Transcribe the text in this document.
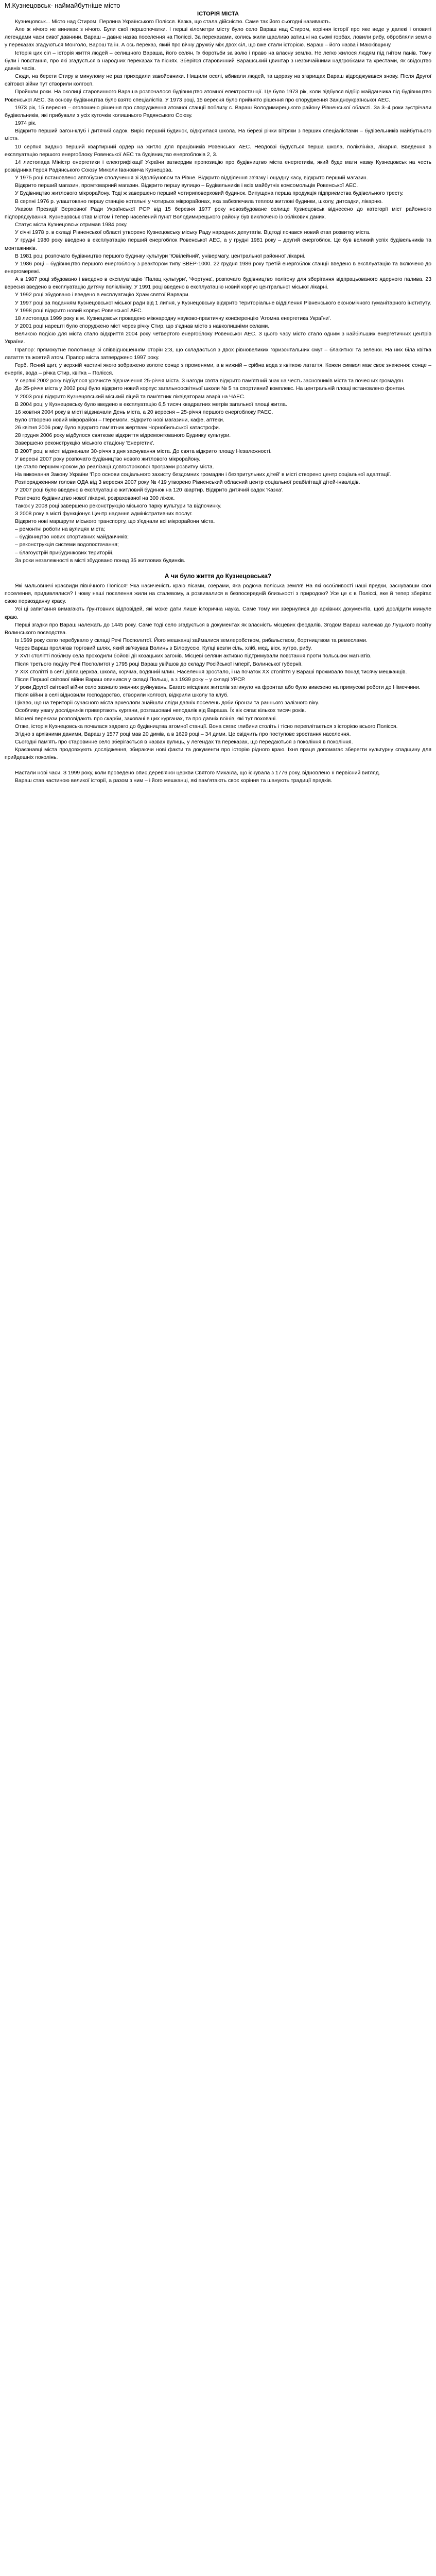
М.Кузнецовськ- наймайбутніше місто
ІСТОРІЯ МІСТА

Кузнецовськ... Місто над Стиром. Перлина Українського Полісся. Казка, що стала дійсністю. Саме так його сьогодні називають.

Але ж нічого не виникає з нічого. Були свої першопочатки. І перші кілометри місту було село Вараш над Стиром, коріння історії про яке веде у далекі і оповиті легендами часи сивої давнини. Вараш – давнє назва поселення на Поліссі. За переказами, колись жили щасливо затишні на сьомі горбах, ловили рибу, обробляли землю у переказах згадуються Монголо, Варош та ін. А ось переказ, який про вічну дружбу між двох сіл, що вже стали історією. Вараш – його назва і Маюківщину.

Історія цих сіл – історія життя людей – селищного Вараша, його селян, їх боротьби за волю і право на власну землю. Не легко жилося людям під гнітом панів. Тому були і повстання, про які згадується в народних переказах та піснях. Зберігся старовинний Варашський цвинтар з незвичайними надгробками та хрестами, як свідоцтво давніх часів.

Сюди, на береги Стиру в минулому не раз приходили завойовники. Нищили оселі, вбивали людей, та щоразу на згарищах Вараш відроджувався знову. Після Другої світової війни тут створили колгосп.

Пройшли роки. На околиці старовинного Вараша розпочалося будівництво атомної електростанції. Це було 1973 рік, коли відбувся відбір майданчика під будівництво Ровенської АЕС. За основу будівництва було взято спеціалістів. У 1973 році, 15 вересня було прийнято рішення про спорудження Західноукраїнської АЕС.

1973 рік, 15 вересня – оголошено рішення про спорудження атомної станції поблизу с. Вараш Володимирецького району Рівненської області. За 3–4 роки зустрічали будівельників, які прибували з усіх куточків колишнього Радянського Союзу.

1974 рік.

Відкрито перший вагон-клуб і дитячий садок. Виріс перший будинок, відкрилася школа. На березі річки вітряки з перших спеціалістами – будівельників майбутнього міста.

10 серпня видано перший квартирний ордер на житло для працівників Ровенської АЕС. Невдовзі будується перша школа, поліклініка, лікарня. Введення в експлуатацію першого енергоблоку Ровенської АЕС та будівництво енергоблоків 2, 3.

14 листопада Міністр енергетики і електрифікації України затвердив пропозицію про будівництво міста енергетиків, який буде мати назву Кузнецовськ на честь розвідника Героя Радянського Союзу Миколи Івановича Кузнецова.

У 1975 році встановлено автобусне сполучення зі Здолбуновом та Рівне. Відкрито відділення зв'язку і ощадну касу, відкрито перший магазин.

Відкрито перший магазин, промтоварний магазин. Відкрито першу вулицю – Будівельників і всіх майбутніх комсомольців Ровенської АЕС.

У Будівництво житлового мікрорайону. Тоді ж завершено перший чотириповерховий будинок. Випущена перша продукція підприємства будівельного тресту.

В серпні 1976 р. улаштовано першу станцію котельні у чотирьох мікрорайонах, яка забезпечила теплом житлові будинки, школу, дитсадки, лікарню.

Указом Президії Верховної Ради Української РСР від 15 березня 1977 року новозбудоване селище Кузнецовськ віднесено до категорії міст районного підпорядкування. Кузнецовськ став містом і тепер населений пункт Володимирецького району був виключено із облікових даних.

Статус міста Кузнецовськ отримав 1984 року.

У січні 1978 р. в складі Рівненської області утворено Кузнецовську міську Раду народних депутатів. Відтоді почався новий етап розвитку міста.

У грудні 1980 року введено в експлуатацію перший енергоблок Ровенської АЕС, а у грудні 1981 року – другий енергоблок. Це був великий успіх будівельників та монтажників.

В 1981 році розпочато будівництво першого будинку культури 'Ювілейний', універмагу, центральної районної лікарні.

У 1986 році – будівництво першого енергоблоку з реактором типу ВВЕР-1000. 22 грудня 1986 року третій енергоблок станції введено в експлуатацію та включено до енергомережі.

А в 1987 році збудовано і введено в експлуатацію 'Палац культури', 'Фортуна', розпочато будівництво полігону для зберігання відпрацьованого ядерного палива. 23 вересня введено в експлуатацію дитячу поліклініку. У 1991 році введено в експлуатацію новий корпус центральної міської лікарні.

У 1992 році збудовано і введено в експлуатацію Храм святої Варвари.

У 1997 році за поданням Кузнецовської міської ради від 1 липня, у Кузнецовську відкрито територіальне відділення Рівненського економічного гуманітарного інституту.

У 1998 році відкрито новий корпус Ровенської АЕС.

18 листопада 1999 року в м. Кузнецовськ проведено міжнародну науково-практичну конференцію 'Атомна енергетика України'.

У 2001 році нарешті було споруджено міст через річку Стир, що з'єднав місто з навколишніми селами.

Великою подією для міста стало відкриття 2004 року четвертого енергоблоку Ровенської АЕС. З цього часу місто стало одним з найбільших енергетичних центрів України.

Прапор: прямокутне полотнище зі співвідношенням сторін 2:3, що складається з двох рівновеликих горизонтальних смуг – блакитної та зеленої. На них біла квітка латаття та жовтий атом. Прапор міста затверджено 1997 року.

Герб. Ясний щит, у верхній частині якого зображено золоте сонце з променями, а в нижній – срібна вода з квіткою латаття. Кожен символ має своє значення: сонце – енергія, вода – річка Стир, квітка – Полісся.

У серпні 2002 року відбулося урочисте відзначення 25-річчя міста. З нагоди свята відкрито пам'ятний знак на честь засновників міста та почесних громадян.

До 25-річчя міста у 2002 році було відкрито новий корпус загальноосвітньої школи № 5 та спортивний комплекс. На центральній площі встановлено фонтан.

У 2003 році відкрито Кузнецовський міський ліцей та пам'ятник ліквідаторам аварії на ЧАЕС.

В 2004 році у Кузнецовську було введено в експлуатацію 6,5 тисяч квадратних метрів загальної площі житла.

16 жовтня 2004 року в місті відзначали День міста, а 20 вересня – 25-річчя першого енергоблоку РАЕС.

Було створено новий мікрорайон – Перемоги. Відкрито нові магазини, кафе, аптеки.

26 квітня 2006 року було відкрито пам'ятник жертвам Чорнобильської катастрофи.

28 грудня 2006 року відбулося святкове відкриття відремонтованого Будинку культури.

Завершено реконструкцію міського стадіону 'Енергетик'.

В 2007 році в місті відзначали 30-річчя з дня заснування міста. До свята відкрито площу Незалежності.

У вересні 2007 року розпочато будівництво нового житлового мікрорайону.

Це стало першим кроком до реалізації довгострокової програми розвитку міста.

На виконання Закону України 'Про основи соціального захисту бездомних громадян і безпритульних дітей' в місті створено центр соціальної адаптації.

Розпорядженням голови ОДА від 3 вересня 2007 року № 419 утворено Рівненський обласний центр соціальної реабілітації дітей-інвалідів.

У 2007 році було введено в експлуатацію житловий будинок на 120 квартир. Відкрито дитячий садок 'Казка'.

Розпочато будівництво нової лікарні, розрахованої на 300 ліжок.

Також у 2008 році завершено реконструкцію міського парку культури та відпочинку.

З 2008 року в місті функціонує Центр надання адміністративних послуг.

Відкрито нові маршрути міського транспорту, що з'єднали всі мікрорайони міста.

– ремонтні роботи на вулицях міста;

– будівництво нових спортивних майданчиків;

– реконструкція системи водопостачання;

– благоустрій прибудинкових територій.

За роки незалежності в місті збудовано понад 35 житлових будинків.

А чи було життя до Кузнецовська?

Які мальовничі краєвиди північного Полісся! Яка насиченість краю лісами, озерами, яка родюча поліська земля! На які особливості наші предки, заснувавши свої поселення, придивлялися? І чому наші поселення жили на сталевому, а розвивалися в безпосередній близькості з природою? Усе це є в Поліссі, яке й тепер зберігає свою первозданну красу.

Усі ці запитання вимагають ґрунтовних відповідей, які може дати лише історична наука. Саме тому ми звернулися до архівних документів, щоб дослідити минуле краю.

Перші згадки про Вараш належать до 1445 року. Саме тоді село згадується в документах як власність місцевих феодалів. Згодом Вараш належав до Луцького повіту Волинського воєводства.

Із 1569 року село перебувало у складі Речі Посполитої. Його мешканці займалися землеробством, рибальством, бортництвом та ремеслами.

Через Вараш пролягав торговий шлях, який зв'язував Волинь з Білоруссю. Купці везли сіль, хліб, мед, віск, хутро, рибу.

У XVII столітті поблизу села проходили бойові дії козацьких загонів. Місцеві селяни активно підтримували повстання проти польських магнатів.

Після третього поділу Речі Посполитої у 1795 році Вараш увійшов до складу Російської імперії, Волинської губернії.

У XIX столітті в селі діяла церква, школа, корчма, водяний млин. Населення зростало, і на початок XX століття у Варашi проживало понад тисячу мешканців.

Після Першої світової війни Вараш опинився у складі Польщі, а з 1939 року – у складі УРСР.

У роки Другої світової війни село зазнало значних руйнувань. Багато місцевих жителів загинуло на фронтах або було вивезено на примусові роботи до Німеччини.

Після війни в селі відновили господарство, створили колгосп, відкрили школу та клуб.

Цікаво, що на території сучасного міста археологи знайшли сліди давніх поселень доби бронзи та раннього залізного віку.

Особливу увагу дослідників привертають кургани, розташовані неподалік від Вараша. Їх вік сягає кількох тисяч років.

Місцеві перекази розповідають про скарби, заховані в цих курганах, та про давніх воїнів, які тут поховані.

Отже, історія Кузнецовська почалася задовго до будівництва атомної станції. Вона сягає глибини століть і тісно переплітається з історією всього Полісся.

Згідно з архівними даними, Вараш у 1577 році мав 20 димів, а в 1629 році – 34 дими. Це свідчить про поступове зростання населення.

Сьогодні пам'ять про старовинне село зберігається в назвах вулиць, у легендах та переказах, що передаються з покоління в покоління.

Краєзнавці міста продовжують дослідження, збираючи нові факти та документи про історію рідного краю. Їхня праця допомагає зберегти культурну спадщину для прийдешніх поколінь.

Настали нові часи. З 1999 року, коли проведено опис дерев'яної церкви Святого Михаїла, що існувала з 1776 року, відновлено її первісний вигляд.

Вараш став частиною великої історії, а разом з ним – і його мешканці, які пам'ятають своє коріння та шанують традиції предків.
